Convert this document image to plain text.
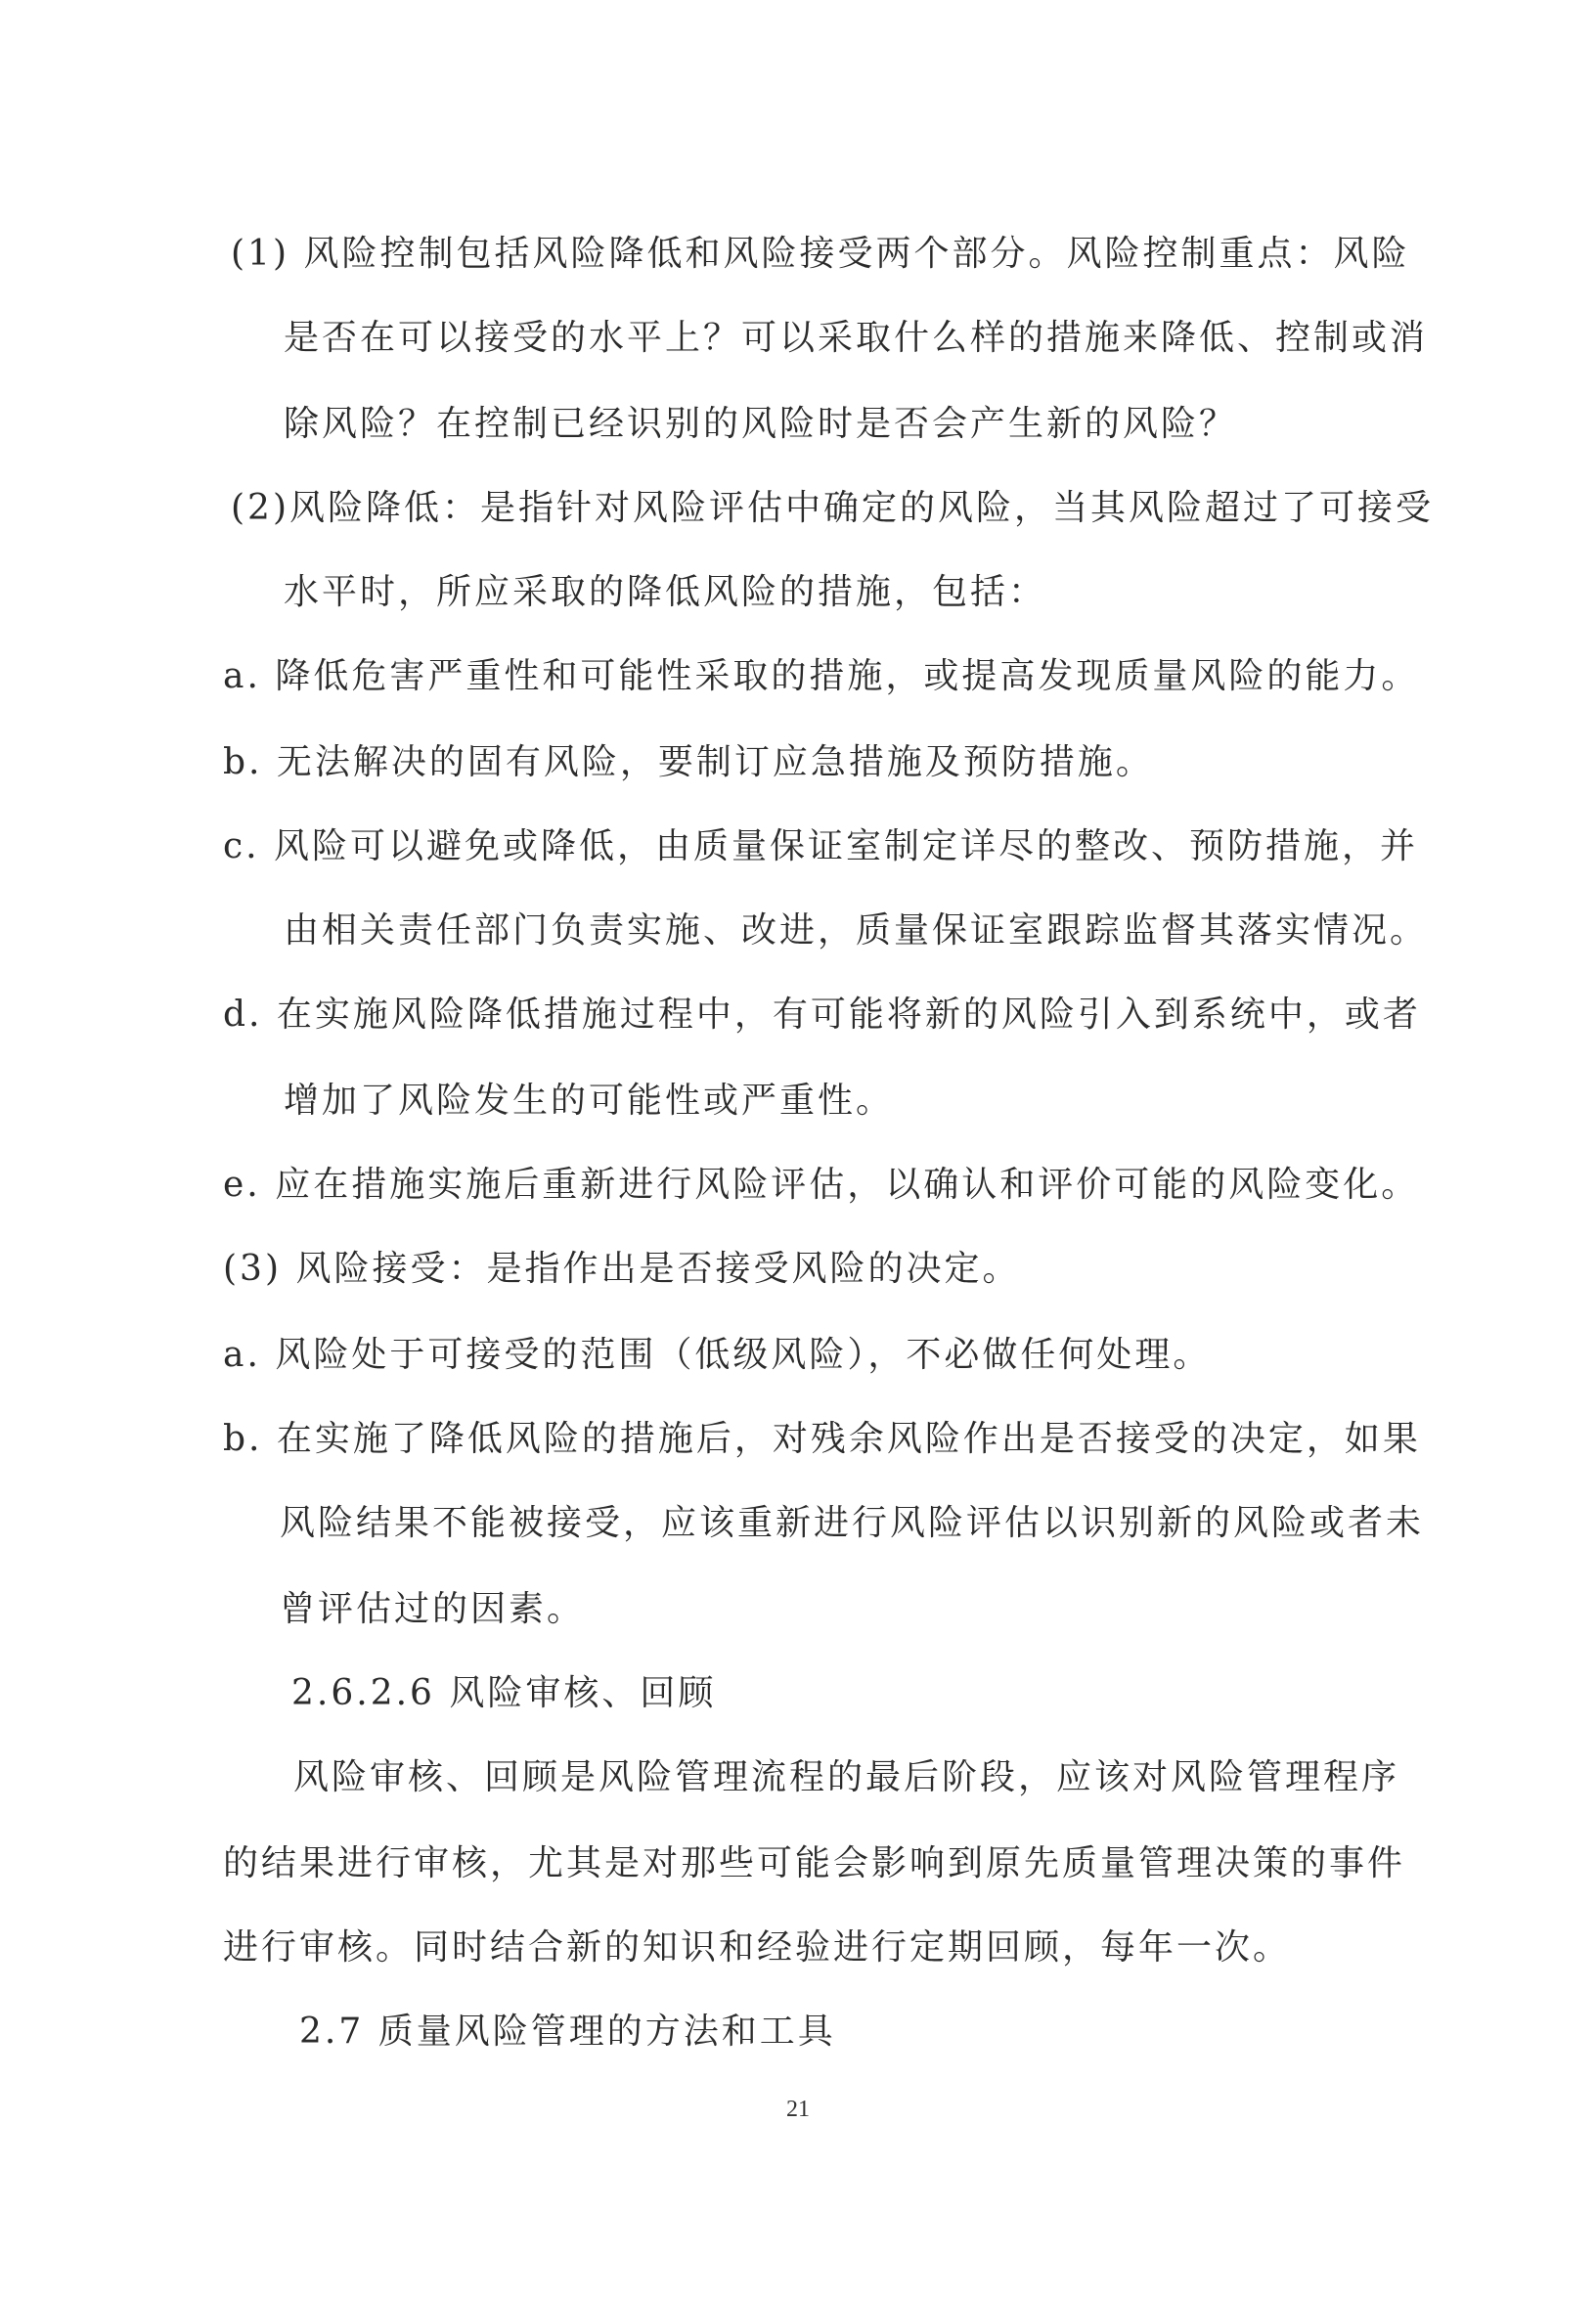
(1) 风险控制包括风险降低和风险接受两个部分。风险控制重点：风险

是否在可以接受的水平上？可以采取什么样的措施来降低、控制或消

除风险？在控制已经识别的风险时是否会产生新的风险？

(2)风险降低：是指针对风险评估中确定的风险，当其风险超过了可接受

水平时，所应采取的降低风险的措施，包括：

a. 降低危害严重性和可能性采取的措施，或提高发现质量风险的能力。

b. 无法解决的固有风险，要制订应急措施及预防措施。

c. 风险可以避免或降低，由质量保证室制定详尽的整改、预防措施，并

由相关责任部门负责实施、改进，质量保证室跟踪监督其落实情况。

d. 在实施风险降低措施过程中，有可能将新的风险引入到系统中，或者

增加了风险发生的可能性或严重性。

e. 应在措施实施后重新进行风险评估，以确认和评价可能的风险变化。

(3) 风险接受：是指作出是否接受风险的决定。

a. 风险处于可接受的范围（低级风险），不必做任何处理。

b. 在实施了降低风险的措施后，对残余风险作出是否接受的决定，如果

风险结果不能被接受，应该重新进行风险评估以识别新的风险或者未

曾评估过的因素。

2.6.2.6 风险审核、回顾

风险审核、回顾是风险管理流程的最后阶段，应该对风险管理程序

的结果进行审核，尤其是对那些可能会影响到原先质量管理决策的事件

进行审核。同时结合新的知识和经验进行定期回顾，每年一次。

2.7 质量风险管理的方法和工具

21
